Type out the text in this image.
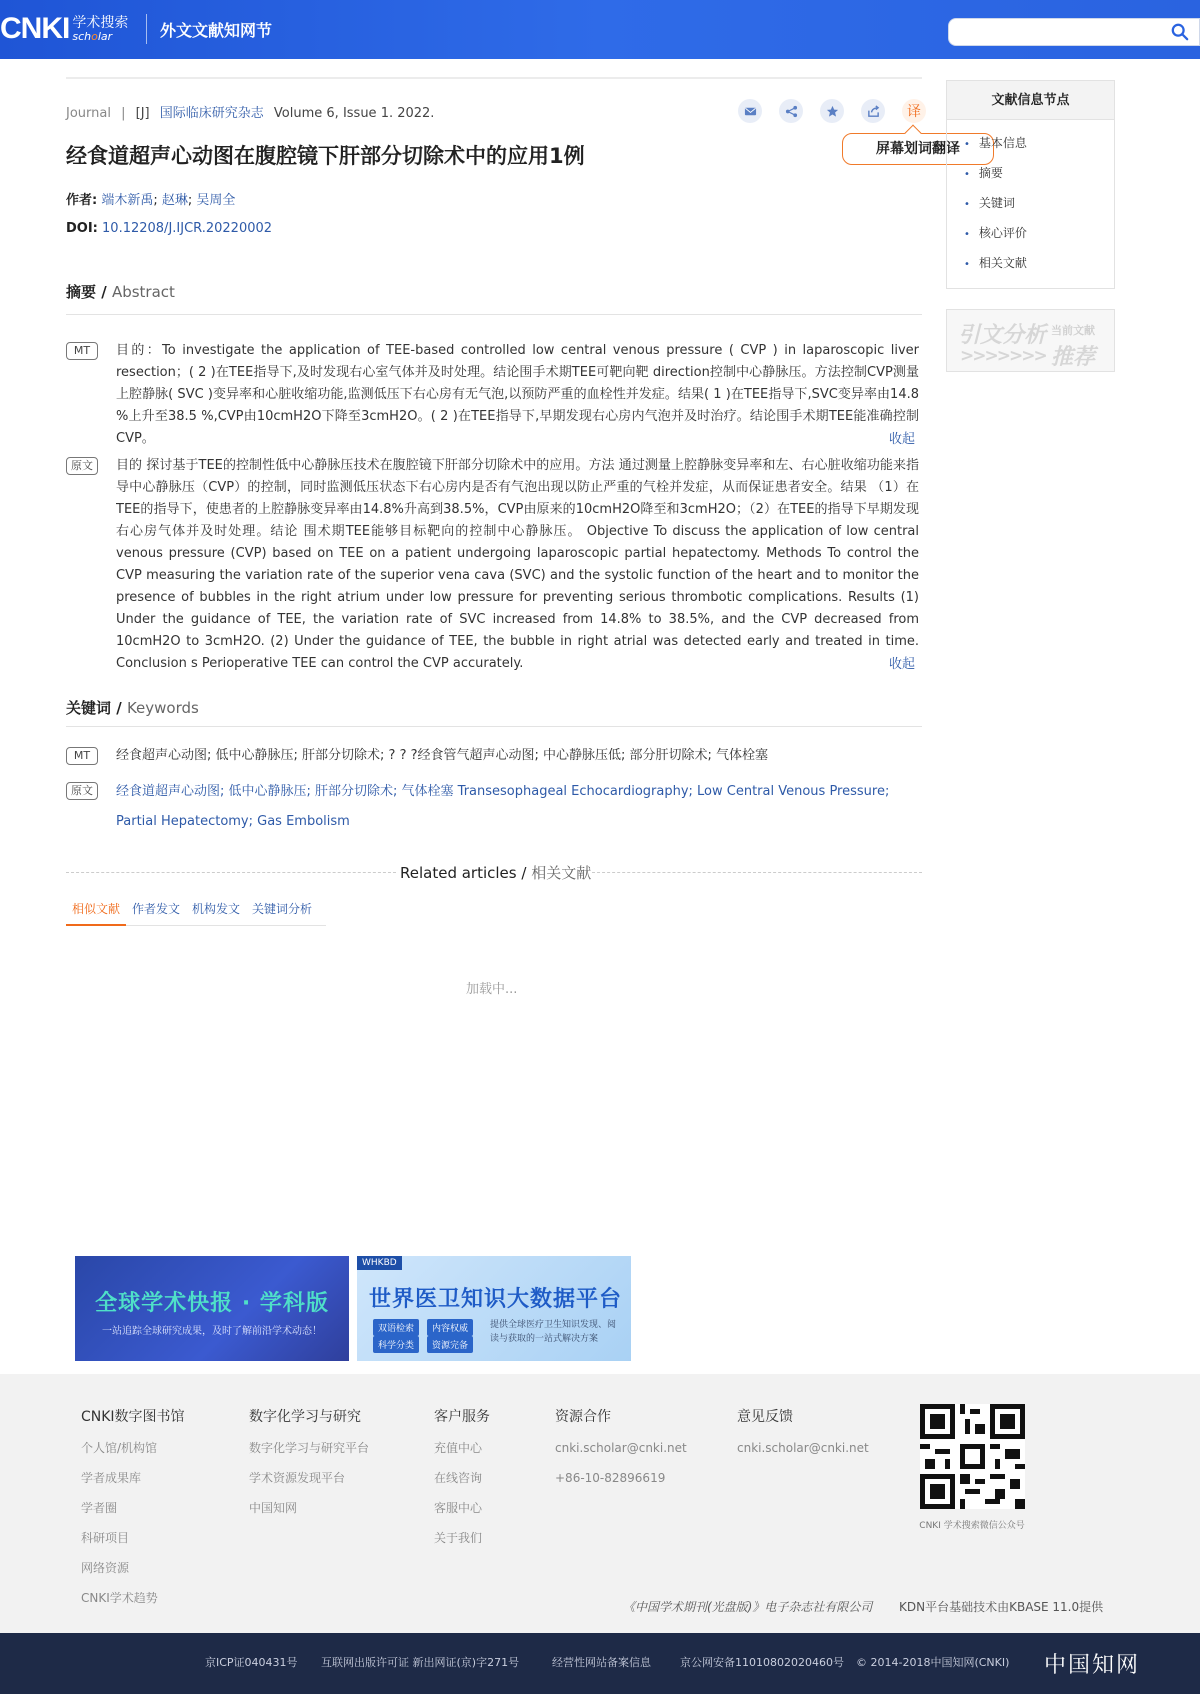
CNKI 学术搜索
scholar	外文文献知网节
Journal | [J] 国际临床研究杂志 Volume 6, Issue 1. 2022.	译
屏幕划词翻译
经食道超声心动图在腹腔镜下肝部分切除术中的应用1例
作者: 端木新禹; 赵琳; 吴周全
DOI: 10.12208/J.IJCR.20220002
摘要 / Abstract
MT	目的：To investigate the application of TEE-based controlled low central venous pressure ( CVP ) in laparoscopic liver resection；( 2 )在TEE指导下,及时发现右心室气体并及时处理。结论围手术期TEE可靶向靶 direction控制中心静脉压。方法控制CVP测量上腔静脉( SVC )变异率和心脏收缩功能,监测低压下右心房有无气泡,以预防严重的血栓性并发症。结果( 1 )在TEE指导下,SVC变异率由14.8 %上升至38.5 %,CVP由10cmH2O下降至3cmH2O。( 2 )在TEE指导下,早期发现右心房内气泡并及时治疗。结论围手术期TEE能准确控制CVP。	收起
原文	目的 探讨基于TEE的控制性低中心静脉压技术在腹腔镜下肝部分切除术中的应用。方法 通过测量上腔静脉变异率和左、右心脏收缩功能来指导中心静脉压（CVP）的控制，同时监测低压状态下右心房内是否有气泡出现以防止严重的气栓并发症，从而保证患者安全。结果 （1）在TEE的指导下，使患者的上腔静脉变异率由14.8%升高到38.5%，CVP由原来的10cmH2O降至和3cmH2O；（2）在TEE的指导下早期发现右心房气体并及时处理。结论 围术期TEE能够目标靶向的控制中心静脉压。 Objective To discuss the application of low central venous pressure (CVP) based on TEE on a patient undergoing laparoscopic partial hepatectomy. Methods To control the CVP measuring the variation rate of the superior vena cava (SVC) and the systolic function of the heart and to monitor the presence of bubbles in the right atrium under low pressure for preventing serious thrombotic complications. Results (1) Under the guidance of TEE, the variation rate of SVC increased from 14.8% to 38.5%, and the CVP decreased from 10cmH2O to 3cmH2O. (2) Under the guidance of TEE, the bubble in right atrial was detected early and treated in time. Conclusion s Perioperative TEE can control the CVP accurately.	收起
关键词 / Keywords
MT	经食超声心动图; 低中心静脉压; 肝部分切除术; ? ? ?经食管气超声心动图; 中心静脉压低; 部分肝切除术; 气体栓塞
原文	经食道超声心动图; 低中心静脉压; 肝部分切除术; 气体栓塞 Transesophageal Echocardiography; Low Central Venous Pressure;
Partial Hepatectomy; Gas Embolism
Related articles / 相关文献
相似文献	作者发文	机构发文	关键词分析
加载中...
全球学术快报 · 学科版
一站追踪全球研究成果，及时了解前沿学术动态！
WHKBD
世界医卫知识大数据平台
双语检索	内容权威
科学分类	资源完备
提供全球医疗卫生知识发现、阅读与获取的一站式解决方案
文献信息节点
• 基本信息
• 摘要
• 关键词
• 核心评价
• 相关文献
引文分析 当前文献
>>>>>>> 推荐
CNKI数字图书馆
个人馆/机构馆
学者成果库
学者圈
科研项目
网络资源
CNKI学术趋势
数字化学习与研究
数字化学习与研究平台
学术资源发现平台
中国知网
客户服务
充值中心
在线咨询
客服中心
关于我们
资源合作
cnki.scholar@cnki.net
+86-10-82896619
意见反馈
cnki.scholar@cnki.net
CNKI 学术搜索微信公众号
《中国学术期刊(光盘版)》电子杂志社有限公司 KDN平台基础技术由KBASE 11.0提供
京ICP证040431号 互联网出版许可证 新出网证(京)字271号	经营性网站备案信息	京公网安备11010802020460号 © 2014-2018中国知网(CNKI) 中国知网
